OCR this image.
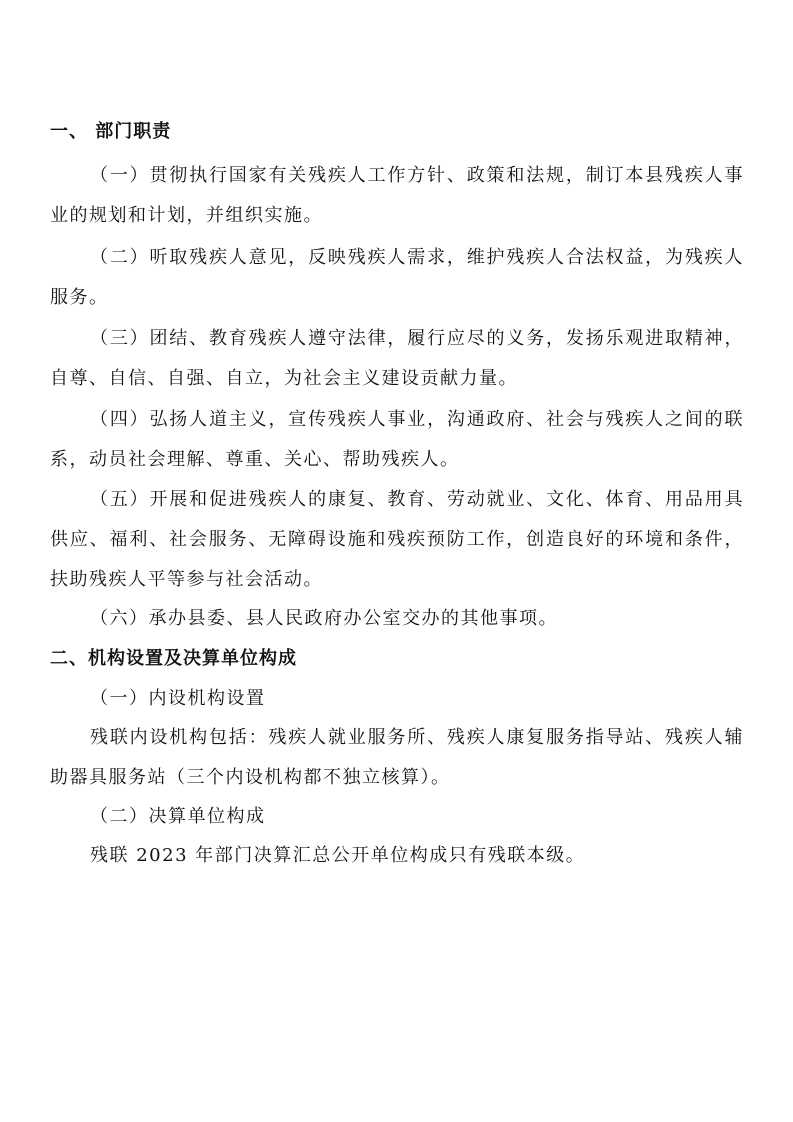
一、 部门职责
（一）贯彻执行国家有关残疾人工作方针、政策和法规，制订本县残疾人事业的规划和计划，并组织实施。
（二）听取残疾人意见，反映残疾人需求，维护残疾人合法权益，为残疾人服务。
（三）团结、教育残疾人遵守法律，履行应尽的义务，发扬乐观进取精神，自尊、自信、自强、自立，为社会主义建设贡献力量。
（四）弘扬人道主义，宣传残疾人事业，沟通政府、社会与残疾人之间的联系，动员社会理解、尊重、关心、帮助残疾人。
（五）开展和促进残疾人的康复、教育、劳动就业、文化、体育、用品用具供应、福利、社会服务、无障碍设施和残疾预防工作，创造良好的环境和条件，扶助残疾人平等参与社会活动。
（六）承办县委、县人民政府办公室交办的其他事项。
二、机构设置及决算单位构成
（一）内设机构设置
残联内设机构包括：残疾人就业服务所、残疾人康复服务指导站、残疾人辅助器具服务站（三个内设机构都不独立核算）。
（二）决算单位构成
残联 2023 年部门决算汇总公开单位构成只有残联本级。
